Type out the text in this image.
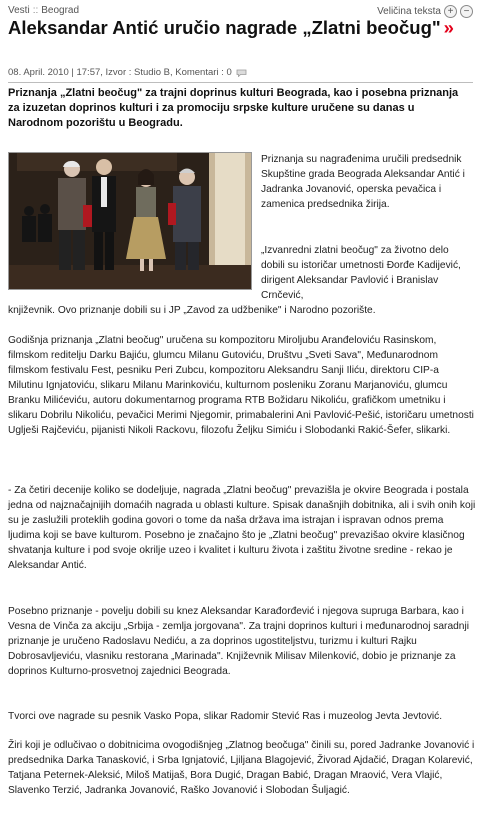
Vesti :: Beograd	Veličina teksta +	−
Aleksandar Antić uručio nagrade „Zlatni beočug" »
08. April. 2010 | 17:57, Izvor : Studio B, Komentari : 0

Priznanja „Zlatni beočug" za trajni doprinus kulturi Beograda, kao i posebna priznanja za izuzetan doprinos kulturi i za promociju srpske kulture uručene su danas u Narodnom pozorištu u Beogradu.

Priznanja su nagrađenima uručili predsednik Skupštine grada Beograda Aleksandar Antić i Jadranka Jovanović, operska pevačica i zamenica predsednika žirija.

„Izvanredni zlatni beočug" za životno delo dobili su istoričar umetnosti Đorđe Kadijević, dirigent Aleksandar Pavlović i Branislav Crnčević,

književnik. Ovo priznanje dobili su i JP „Zavod za udžbenike" i Narodno pozorište.

Godišnja priznanja „Zlatni beočug" uručena su kompozitoru Miroljubu Aranđeloviću Rasinskom, filmskom reditelju Darku Bajiću, glumcu Milanu Gutoviću, Društvu „Sveti Sava", Međunarodnom filmskom festivalu Fest, pesniku Peri Zubcu, kompozitoru Aleksandru Sanji Iliću, direktoru CIP-a Milutinu Ignjatoviću, slikaru Milanu Marinkoviću, kulturnom posleniku Zoranu Marjanoviću, glumcu Branku Milićeviću, autoru dokumentarnog programa RTB Božidaru Nikoliću, grafičkom umetniku i slikaru Dobrilu Nikoliću, pevačici Merimi Njegomir, primabalerini Ani Pavlović-Pešić, istoričaru umetnosti Uglješi Rajčeviću, pijanisti Nikoli Rackovu, filozofu Željku Simiću i Slobodanki Rakić-Šefer, slikarki.

- Za četiri decenije koliko se dodeljuje, nagrada „Zlatni beočug" prevazišla je okvire Beograda i postala jedna od najznačajnijih domaćih nagrada u oblasti kulture. Spisak današnjih dobitnika, ali i svih onih koji su je zaslužili proteklih godina govori o tome da naša država ima istrajan i ispravan odnos prema ljudima koji se bave kulturom. Posebno je značajno što je „Zlatni beočug" prevazišao okvire klasičnog shvatanja kulture i pod svoje okrilje uzeo i kvalitet i kulturu života i zaštitu životne sredine - rekao je Aleksandar Antić.

Posebno priznanje - povelju dobili su knez Aleksandar Karađorđević i njegova supruga Barbara, kao i Vesna de Vinča za akciju „Srbija - zemlja jorgovana". Za trajni doprinos kulturi i međunarodnoj saradnji priznanje je uručeno Radoslavu Nediću, a za doprinos ugostiteljstvu, turizmu i kulturi Rajku Dobrosavljeviću, vlasniku restorana „Marinada". Književnik Milisav Milenković, dobio je priznanje za doprinos Kulturno-prosvetnoj zajednici Beograda.

Tvorci ove nagrade su pesnik Vasko Popa, slikar Radomir Stević Ras i muzeolog Jevta Jevtović.

Žiri koji je odlučivao o dobitnicima ovogodišnjeg „Zlatnog beočuga" činili su, pored Jadranke Jovanović i predsednika Darka Tanasković, i Srba Ignjatović, Ljiljana Blagojević, Živorad Ajdačić, Dragan Kolarević, Tatjana Peternek-Aleksić, Miloš Matijaš, Bora Dugić, Dragan Babić, Dragan Mraović, Vera Vlajić, Slavenko Terzić, Jadranka Jovanović, Raško Jovanović i Slobodan Šuljagić.
